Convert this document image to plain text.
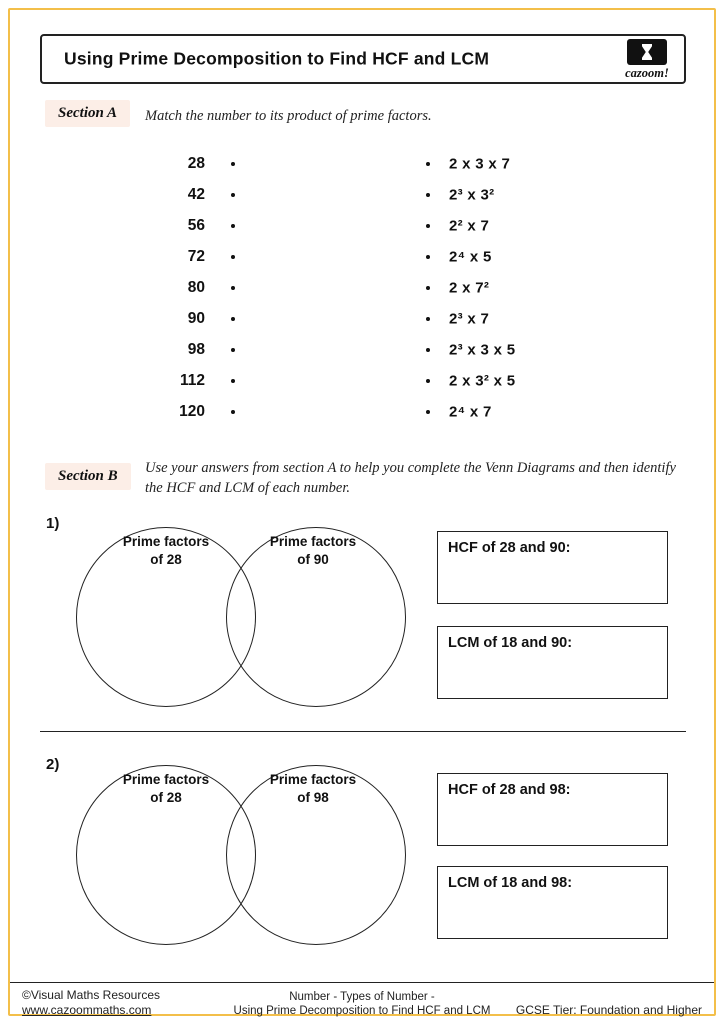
Using Prime Decomposition to Find HCF and LCM
cazoom!
Section A	Match the number to its product of prime factors.
28	2 x 3 x 7
42	2³ x 3²
56	2² x 7
72	2⁴ x 5
80	2 x 7²
90	2³ x 7
98	2³ x 3 x 5
112	2 x 3² x 5
120	2⁴ x 7
Section B	Use your answers from section A to help you complete the Venn Diagrams and then identify the HCF and LCM of each number.
1)
Prime factors
of 28
Prime factors
of 90
HCF of 28 and 90:
LCM of 18 and 90:
2)
Prime factors
of 28
Prime factors
of 98	HCF of 28 and 98:
LCM of 18 and 98:
©Visual Maths Resources
www.cazoommaths.com
Number - Types of Number -
Using Prime Decomposition to Find HCF and LCM	GCSE Tier: Foundation and Higher
